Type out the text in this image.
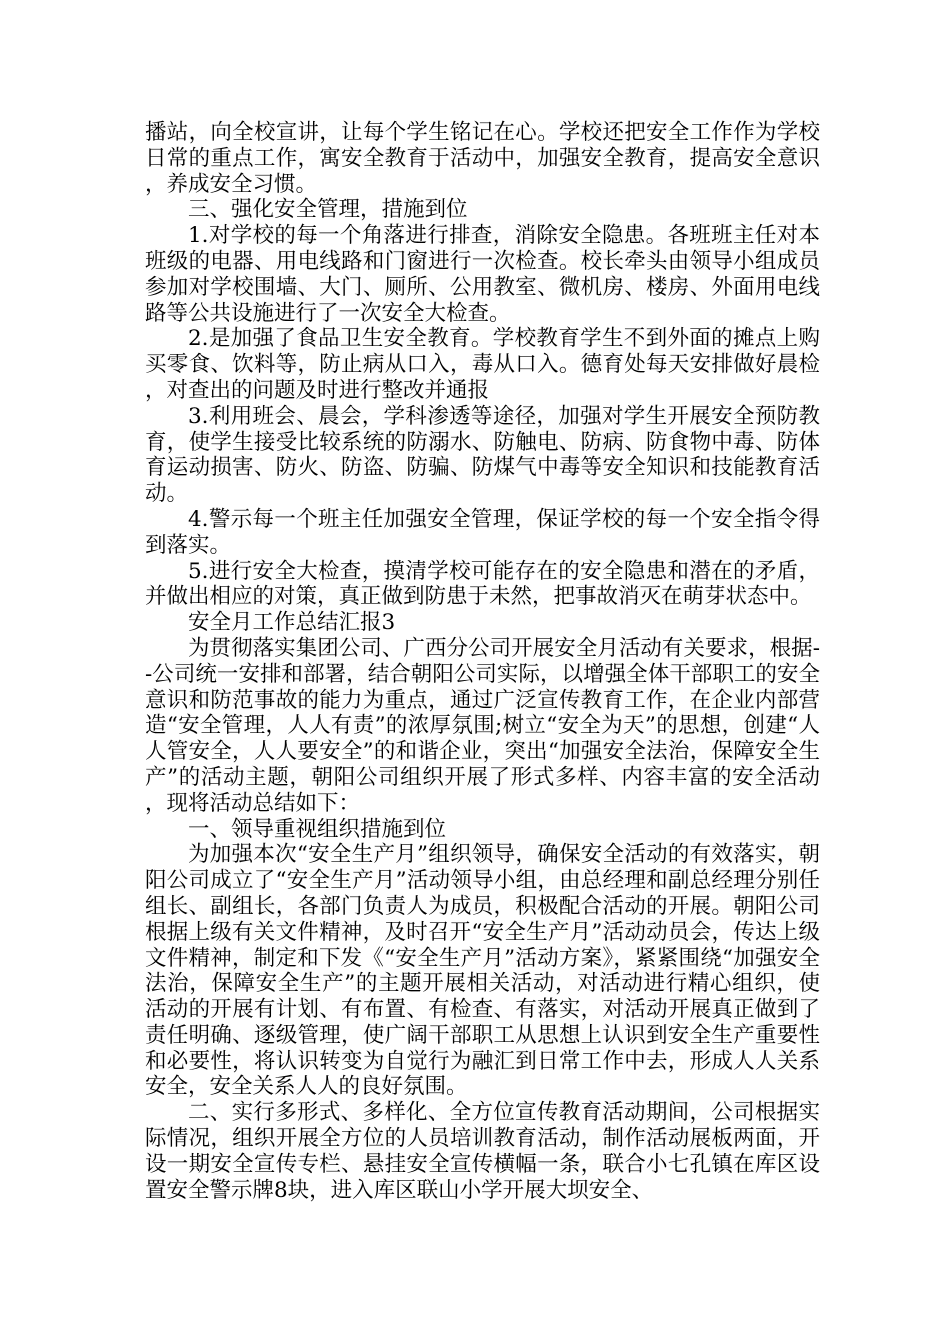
播站，向全校宣讲，让每个学生铭记在心。学校还把安全工作作为学校日常的重点工作，寓安全教育于活动中，加强安全教育，提高安全意识，养成安全习惯。

三、强化安全管理，措施到位

1.对学校的每一个角落进行排查，消除安全隐患。各班班主任对本班级的电器、用电线路和门窗进行一次检查。校长牵头由领导小组成员参加对学校围墙、大门、厕所、公用教室、微机房、楼房、外面用电线路等公共设施进行了一次安全大检查。

2.是加强了食品卫生安全教育。学校教育学生不到外面的摊点上购买零食、饮料等，防止病从口入，毒从口入。德育处每天安排做好晨检，对查出的问题及时进行整改并通报

3.利用班会、晨会，学科渗透等途径，加强对学生开展安全预防教育，使学生接受比较系统的防溺水、防触电、防病、防食物中毒、防体育运动损害、防火、防盗、防骗、防煤气中毒等安全知识和技能教育活动。

4.警示每一个班主任加强安全管理，保证学校的每一个安全指令得到落实。

5.进行安全大检查，摸清学校可能存在的安全隐患和潜在的矛盾，并做出相应的对策，真正做到防患于未然，把事故消灭在萌芽状态中。

安全月工作总结汇报3

为贯彻落实集团公司、广西分公司开展安全月活动有关要求，根据--公司统一安排和部署，结合朝阳公司实际，以增强全体干部职工的安全意识和防范事故的能力为重点，通过广泛宣传教育工作，在企业内部营造“安全管理，人人有责”的浓厚氛围;树立“安全为天”的思想，创建“人人管安全，人人要安全”的和谐企业，突出“加强安全法治，保障安全生产”的活动主题，朝阳公司组织开展了形式多样、内容丰富的安全活动，现将活动总结如下：

一、领导重视组织措施到位

为加强本次“安全生产月”组织领导，确保安全活动的有效落实，朝阳公司成立了“安全生产月”活动领导小组，由总经理和副总经理分别任组长、副组长，各部门负责人为成员，积极配合活动的开展。朝阳公司根据上级有关文件精神，及时召开“安全生产月”活动动员会，传达上级文件精神，制定和下发《“安全生产月”活动方案》，紧紧围绕“加强安全法治，保障安全生产”的主题开展相关活动，对活动进行精心组织，使活动的开展有计划、有布置、有检查、有落实，对活动开展真正做到了责任明确、逐级管理，使广阔干部职工从思想上认识到安全生产重要性和必要性，将认识转变为自觉行为融汇到日常工作中去，形成人人关系安全，安全关系人人的良好氛围。

二、实行多形式、多样化、全方位宣传教育活动期间，公司根据实际情况，组织开展全方位的人员培训教育活动，制作活动展板两面，开设一期安全宣传专栏、悬挂安全宣传横幅一条，联合小七孔镇在库区设置安全警示牌8块，进入库区联山小学开展大坝安全、
